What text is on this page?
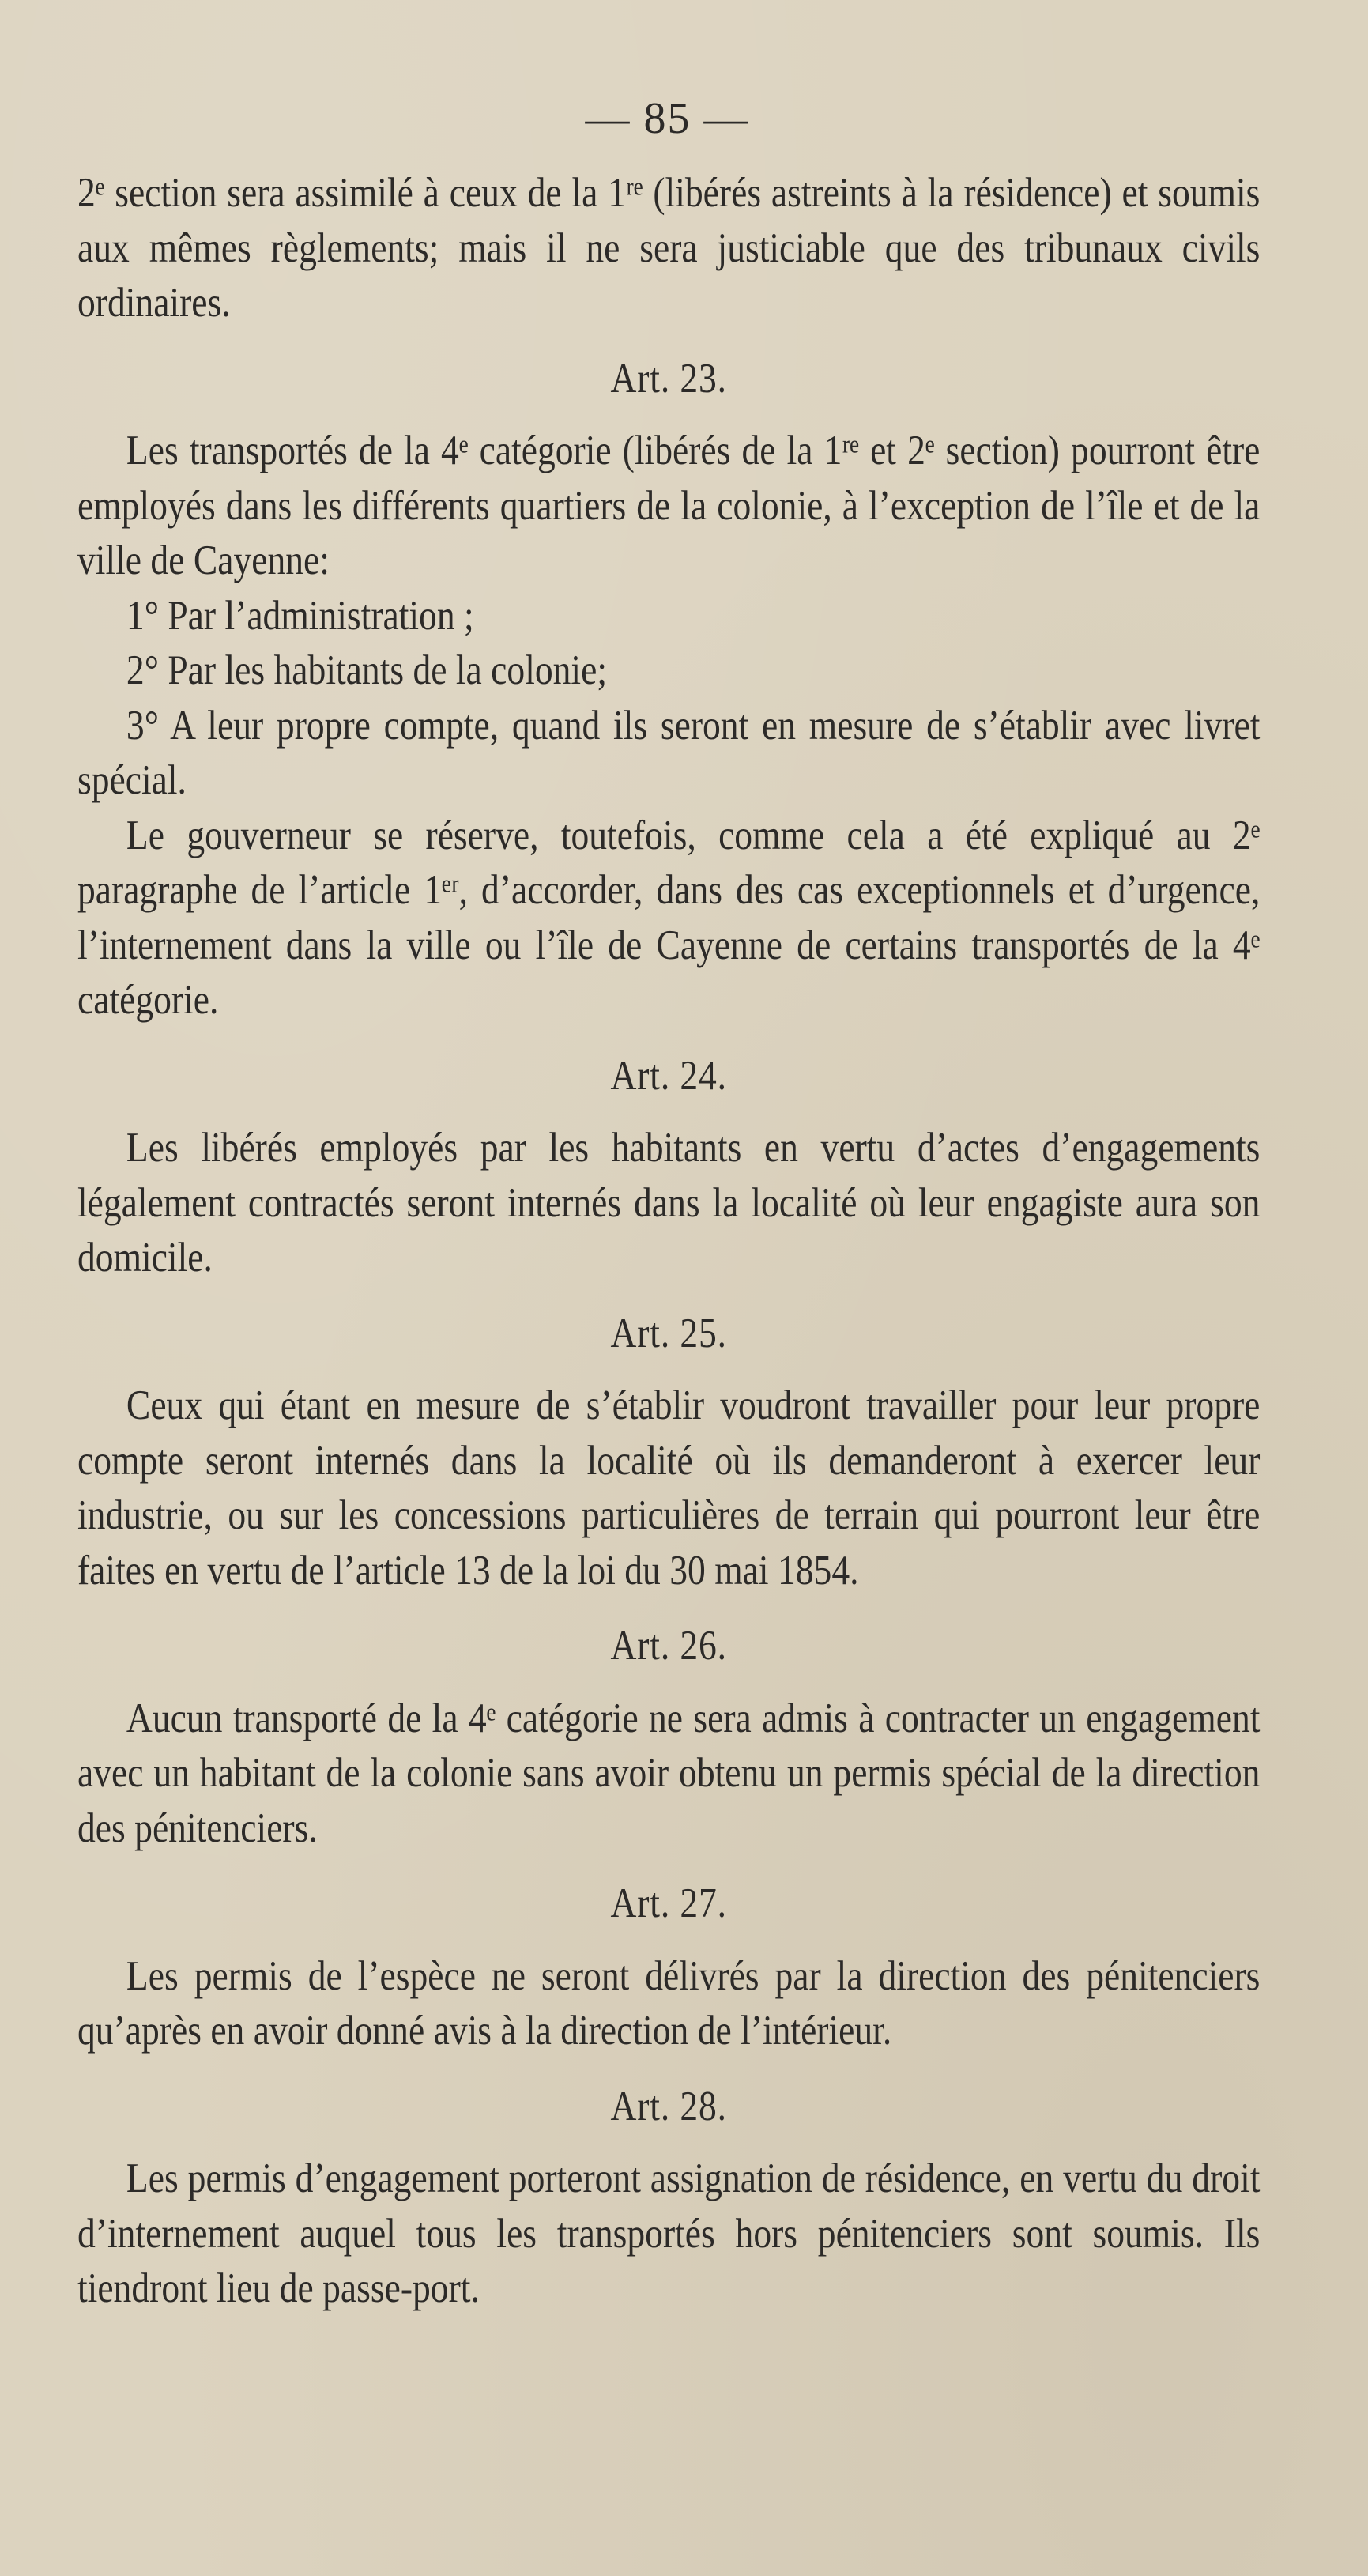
— 85 —

2ᵉ section sera assimilé à ceux de la 1ʳᵉ (libérés astreints à la résidence) et soumis aux mêmes règlements; mais il ne sera justiciable que des tribunaux civils ordinaires.

Art. 23.

Les transportés de la 4ᵉ catégorie (libérés de la 1ʳᵉ et 2ᵉ section) pourront être employés dans les différents quartiers de la colonie, à l’exception de l’île et de la ville de Cayenne:

1° Par l’administration ;

2° Par les habitants de la colonie;

3° A leur propre compte, quand ils seront en mesure de s’établir avec livret spécial.

Le gouverneur se réserve, toutefois, comme cela a été expliqué au 2ᵉ paragraphe de l’article 1ᵉʳ, d’accorder, dans des cas exceptionnels et d’urgence, l’internement dans la ville ou l’île de Cayenne de certains transportés de la 4ᵉ catégorie.

Art. 24.

Les libérés employés par les habitants en vertu d’actes d’engagements légalement contractés seront internés dans la localité où leur engagiste aura son domicile.

Art. 25.

Ceux qui étant en mesure de s’établir voudront travailler pour leur propre compte seront internés dans la localité où ils demanderont à exercer leur industrie, ou sur les concessions particulières de terrain qui pourront leur être faites en vertu de l’article 13 de la loi du 30 mai 1854.

Art. 26.

Aucun transporté de la 4ᵉ catégorie ne sera admis à contracter un engagement avec un habitant de la colonie sans avoir obtenu un permis spécial de la direction des pénitenciers.

Art. 27.

Les permis de l’espèce ne seront délivrés par la direction des pénitenciers qu’après en avoir donné avis à la direction de l’intérieur.

Art. 28.

Les permis d’engagement porteront assignation de résidence, en vertu du droit d’internement auquel tous les transportés hors pénitenciers sont soumis. Ils tiendront lieu de passe-port.
